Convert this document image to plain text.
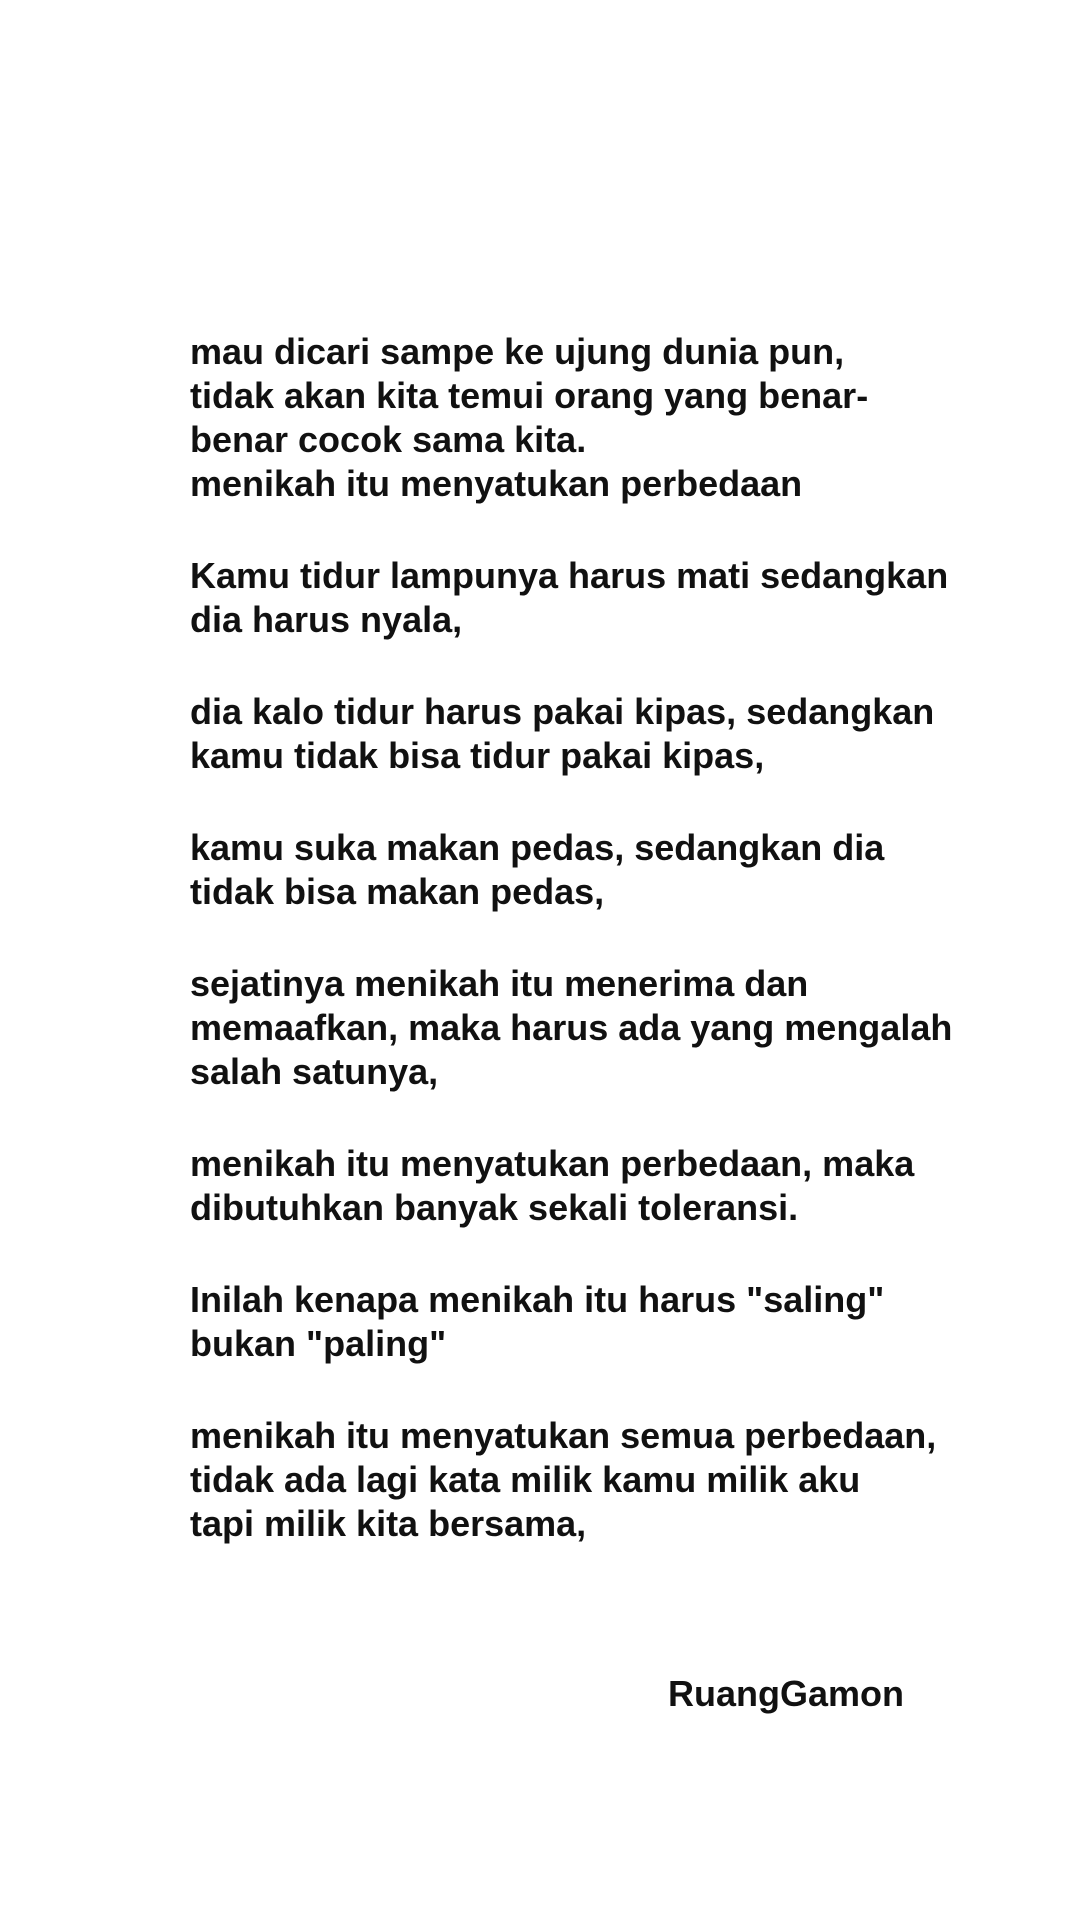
mau dicari sampe ke ujung dunia pun,
tidak akan kita temui orang yang benar-
benar cocok sama kita.
menikah itu menyatukan perbedaan
Kamu tidur lampunya harus mati sedangkan
dia harus nyala,
dia kalo tidur harus pakai kipas, sedangkan
kamu tidak bisa tidur pakai kipas,
kamu suka makan pedas, sedangkan dia
tidak bisa makan pedas,
sejatinya menikah itu menerima dan
memaafkan, maka harus ada yang mengalah
salah satunya,
menikah itu menyatukan perbedaan, maka
dibutuhkan banyak sekali toleransi.
Inilah kenapa menikah itu harus "saling"
bukan "paling"
menikah itu menyatukan semua perbedaan,
tidak ada lagi kata milik kamu milik aku
tapi milik kita bersama,
RuangGamon
